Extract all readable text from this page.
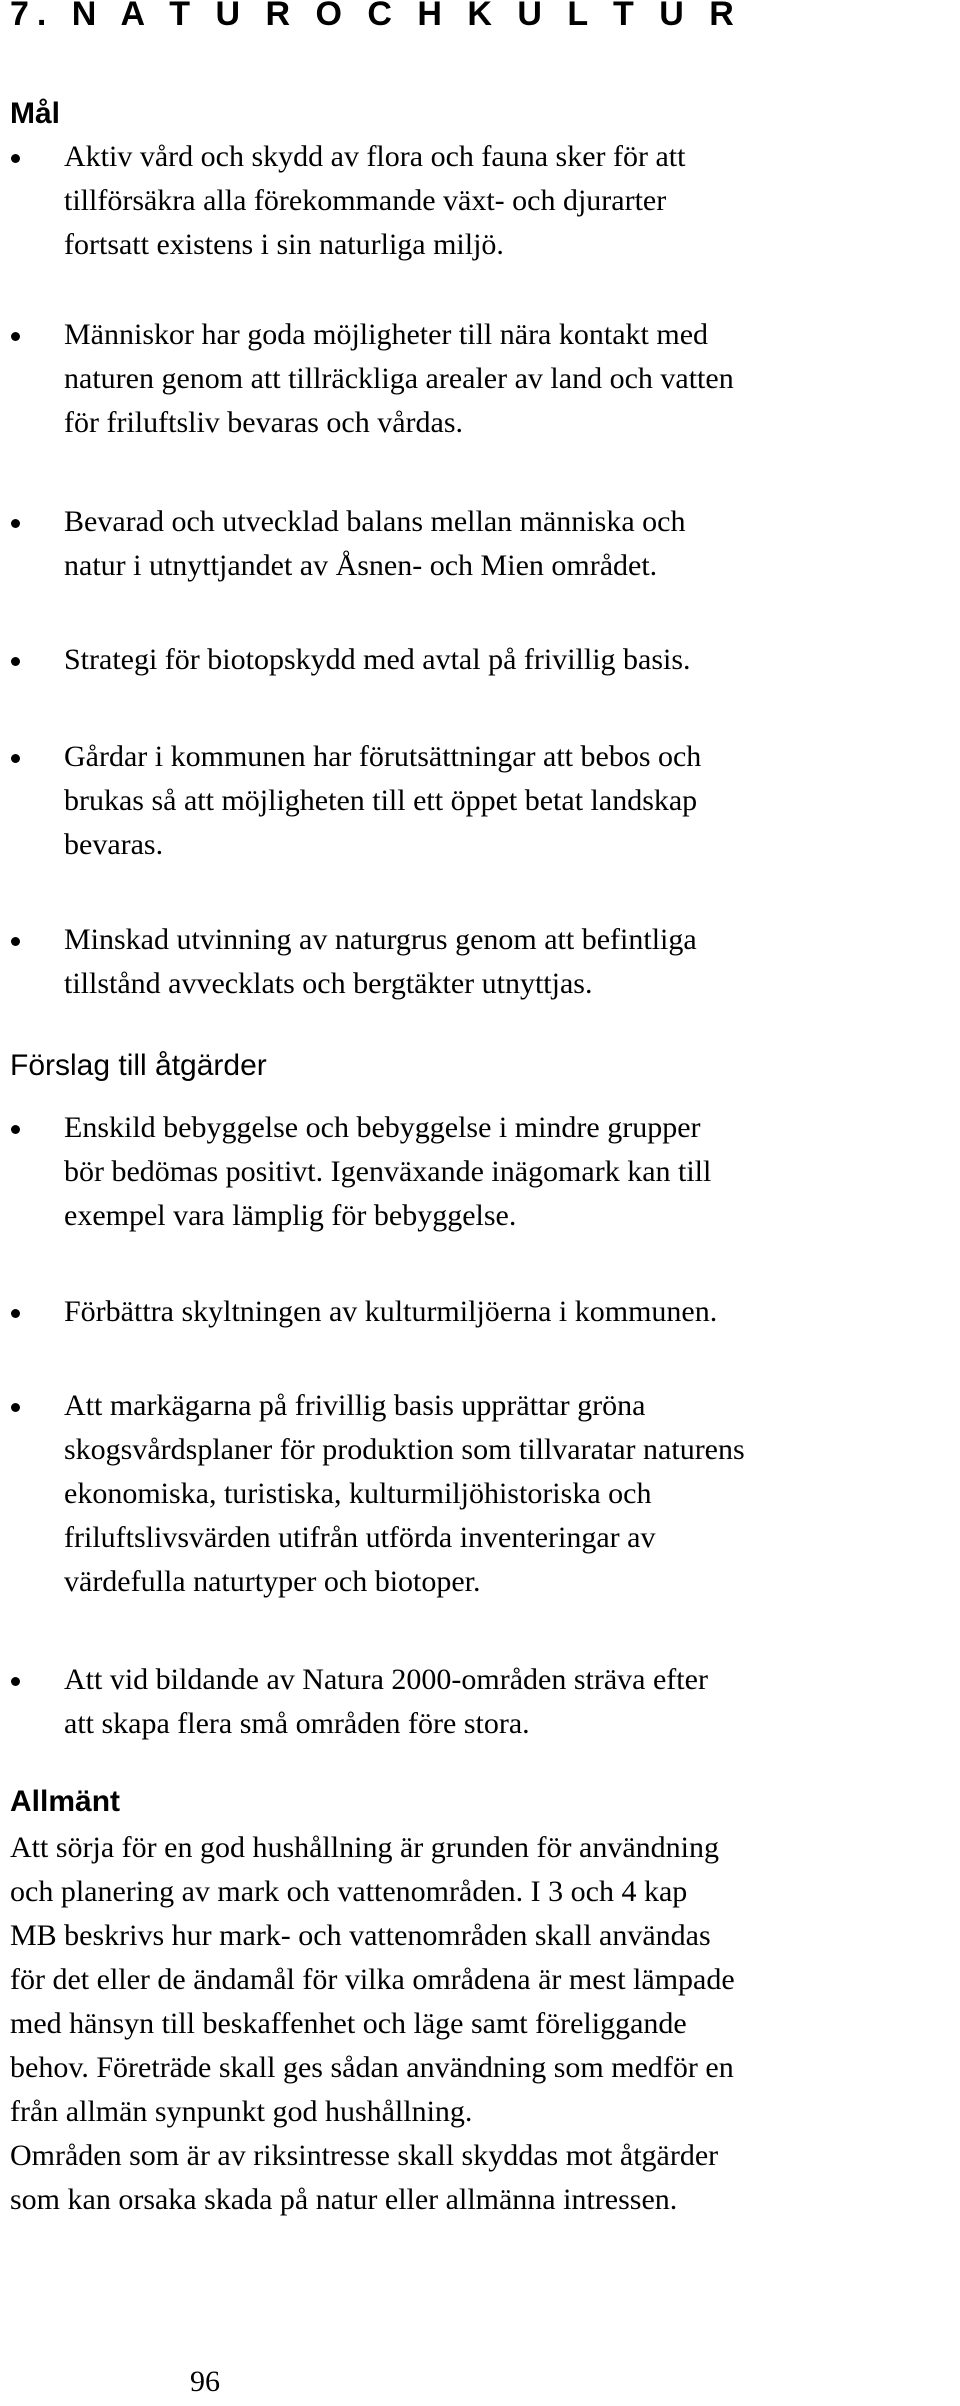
7. N A T U R O C H K U L T U R
Mål
Aktiv vård och skydd av flora och fauna sker för att
tillförsäkra alla förekommande växt- och djurarter
fortsatt existens i sin naturliga miljö.
Människor har goda möjligheter till nära kontakt med
naturen genom att tillräckliga arealer av land och vatten
för friluftsliv bevaras och vårdas.
Bevarad och utvecklad balans mellan människa och
natur i utnyttjandet av Åsnen- och Mien området.
Strategi för biotopskydd med avtal på frivillig basis.
Gårdar i kommunen har förutsättningar att bebos och
brukas så att möjligheten till ett öppet betat landskap
bevaras.
Minskad utvinning av naturgrus genom att befintliga
tillstånd avvecklats och bergtäkter utnyttjas.
Förslag till åtgärder
Enskild bebyggelse och bebyggelse i mindre grupper
bör bedömas positivt. Igenväxande inägomark kan till
exempel vara lämplig för bebyggelse.
Förbättra skyltningen av kulturmiljöerna i kommunen.
Att markägarna på frivillig basis upprättar gröna
skogsvårdsplaner för produktion som tillvaratar naturens
ekonomiska, turistiska, kulturmiljöhistoriska och
friluftslivsvärden utifrån utförda inventeringar av
värdefulla naturtyper och biotoper.
Att vid bildande av Natura 2000-områden sträva efter
att skapa flera små områden före stora.
Allmänt

Att sörja för en god hushållning är grunden för användning
och planering av mark och vattenområden. I 3 och 4 kap
MB beskrivs hur mark- och vattenområden skall användas
för det eller de ändamål för vilka områdena är mest lämpade
med hänsyn till beskaffenhet och läge samt föreliggande
behov. Företräde skall ges sådan användning som medför en
från allmän synpunkt god hushållning.

Områden som är av riksintresse skall skyddas mot åtgärder
som kan orsaka skada på natur eller allmänna intressen.

96
